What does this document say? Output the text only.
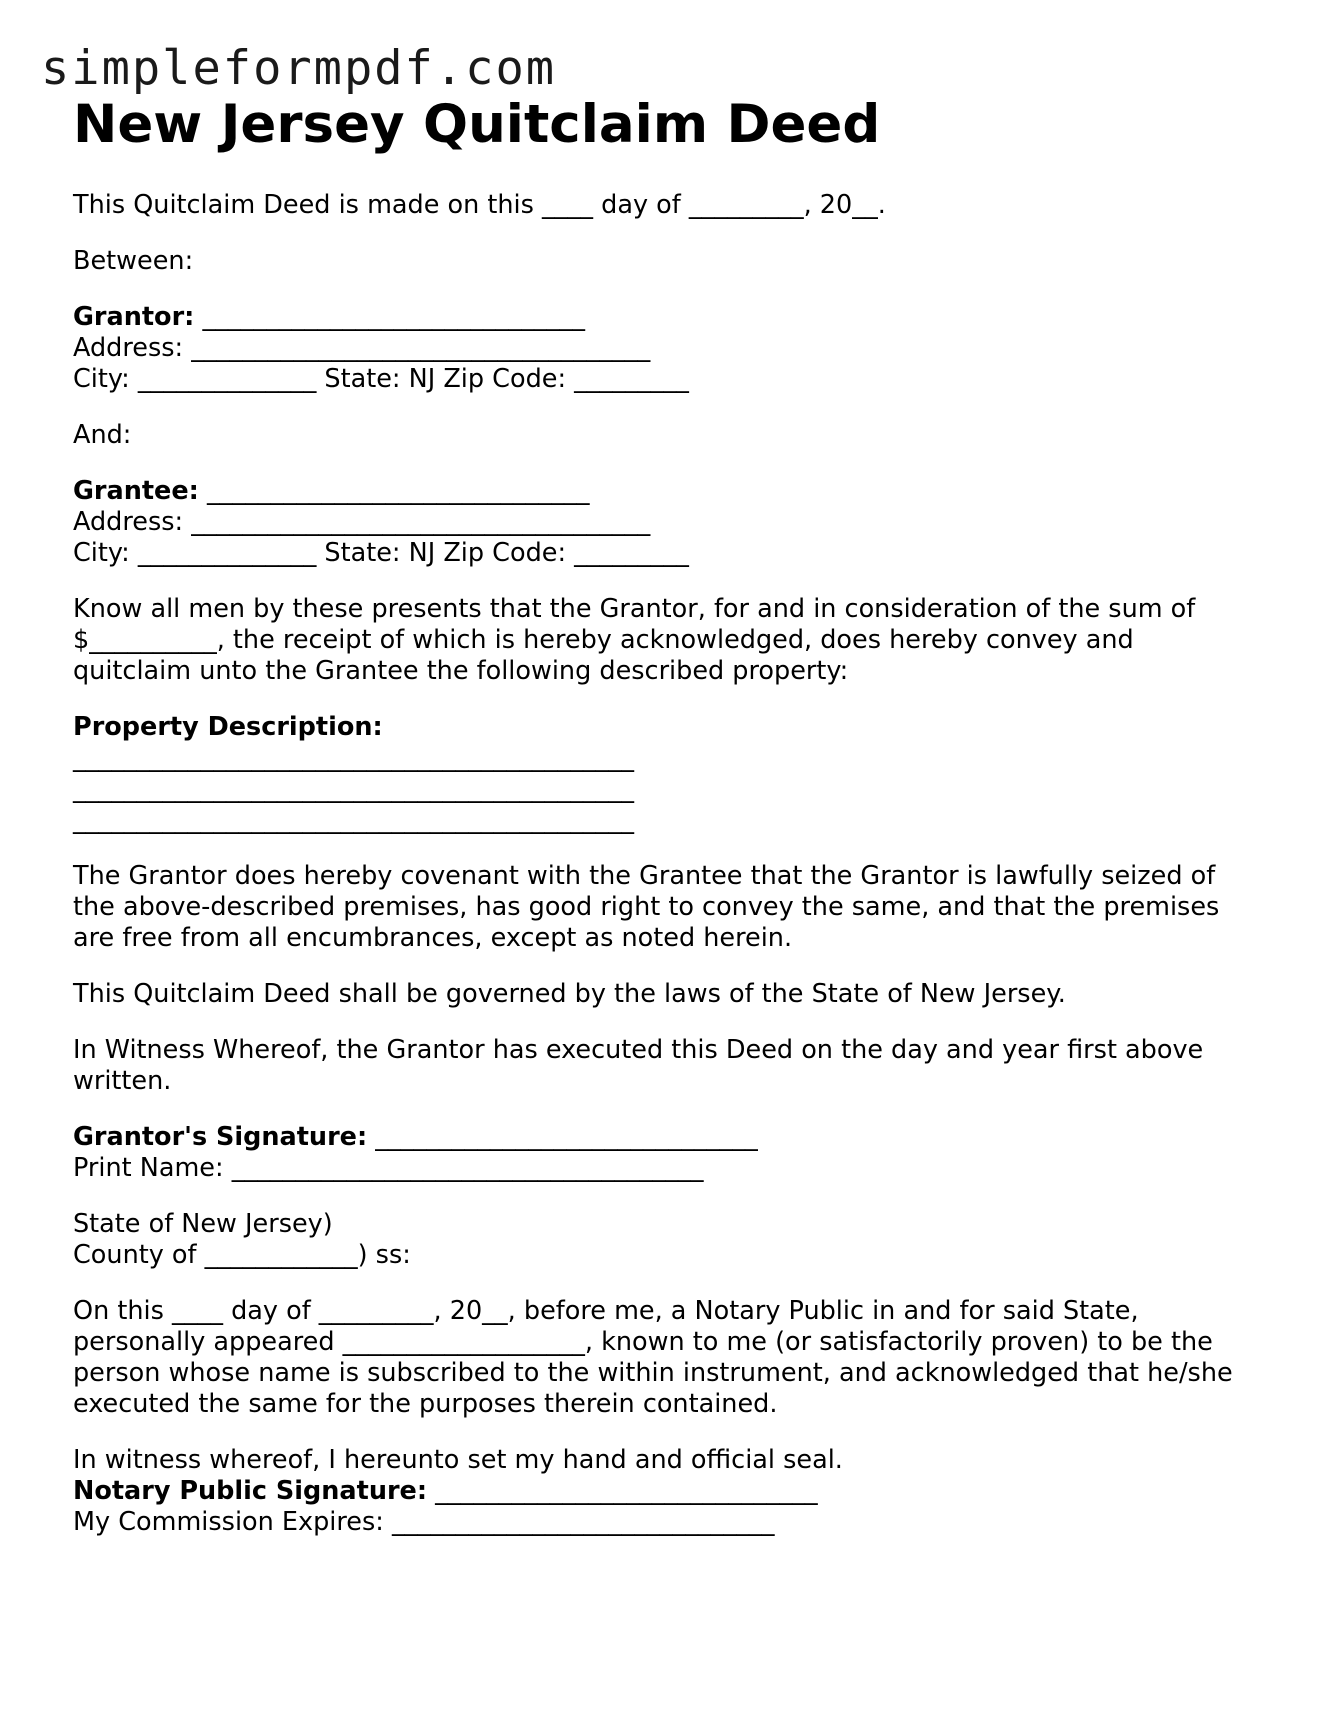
simpleformpdf.com
New Jersey Quitclaim Deed
This Quitclaim Deed is made on this ____ day of _________, 20__.
Between:
Grantor: ______________________________
Address: ____________________________________
City: ______________ State: NJ Zip Code: _________
And:
Grantee: ______________________________
Address: ____________________________________
City: ______________ State: NJ Zip Code: _________
Know all men by these presents that the Grantor, for and in consideration of the sum of
$__________, the receipt of which is hereby acknowledged, does hereby convey and
quitclaim unto the Grantee the following described property:
Property Description:
____________________________________________
____________________________________________
____________________________________________
The Grantor does hereby covenant with the Grantee that the Grantor is lawfully seized of
the above-described premises, has good right to convey the same, and that the premises
are free from all encumbrances, except as noted herein.
This Quitclaim Deed shall be governed by the laws of the State of New Jersey.
In Witness Whereof, the Grantor has executed this Deed on the day and year first above
written.
Grantor's Signature: ______________________________
Print Name: _____________________________________
State of New Jersey)
County of ____________) ss:
On this ____ day of _________, 20__, before me, a Notary Public in and for said State,
personally appeared ___________________, known to me (or satisfactorily proven) to be the
person whose name is subscribed to the within instrument, and acknowledged that he/she
executed the same for the purposes therein contained.
In witness whereof, I hereunto set my hand and official seal.
Notary Public Signature: ______________________________
My Commission Expires: ______________________________
